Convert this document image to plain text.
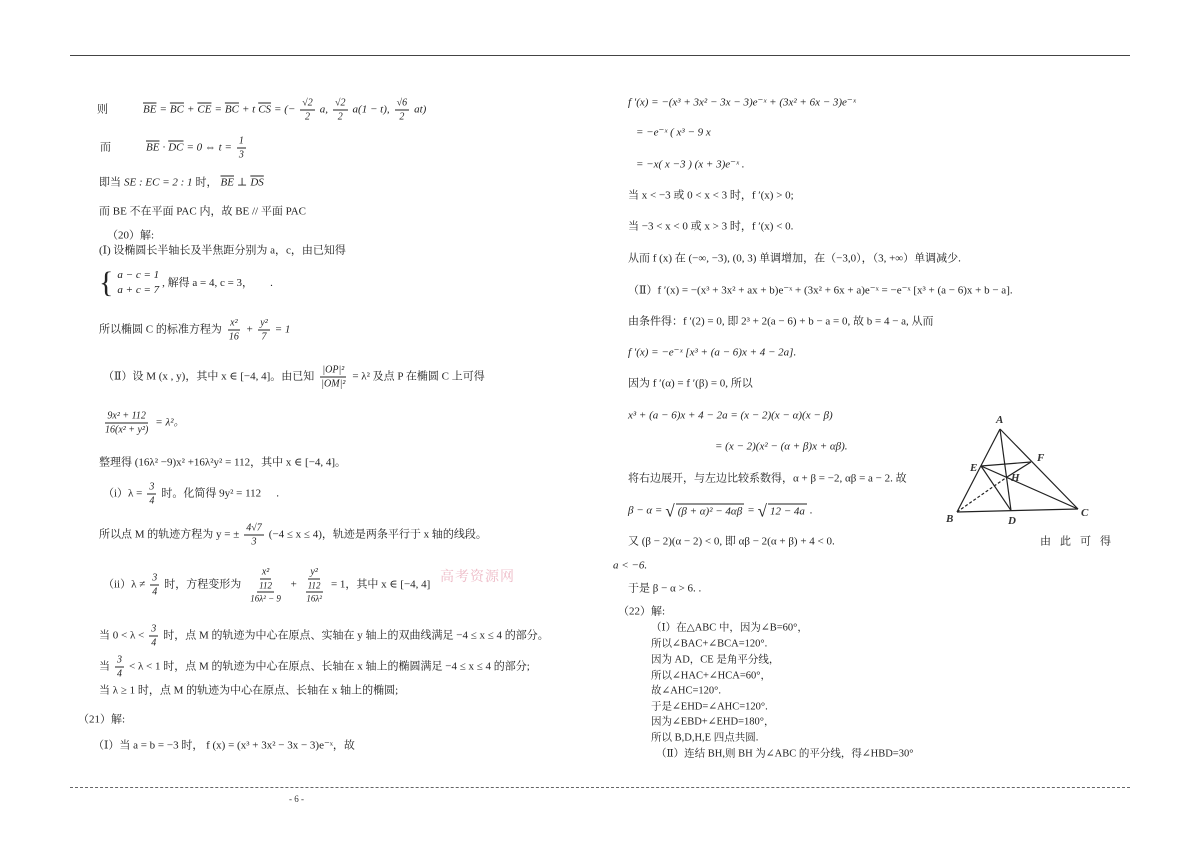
- 6 -
则	$\overline{BE} = \overline{BC} + \overline{CE} = \overline{BC} + t$ $\overline{CS}$ = (− $\frac{√2}{2} a$, $\frac{√2}{2} a(1 - t)$, $\frac{√6}{2} at$)
而	$\overline{BE} \cdot \overline{DC} = 0$ ⇔ $t = \frac{1}{3}$
即当 SE : EC = 2 : 1 时， $\overline{BE}$ ⊥ $\overline{DS}$
而 BE 不在平面 PAC 内，故 BE // 平面 PAC
（20）解:
(Ⅰ) 设椭圆长半轴长及半焦距分别为 a，c，由已知得
{ a − c = 1
a + c = 7
, 解得 a = 4, c = 3， .
所以椭圆 C 的标准方程为 $\frac{\text{x²}}{16} + \frac{\text{y²}}{7} = 1$
（Ⅱ）设 M (x , y)，其中 x ∈ [−4, 4]。由已知 $\frac{\text{|OP|²}}{\text{|OM|²}} = \lambda^2$ 及点 P 在椭圆 C 上可得
$\frac{\text{9x² + 112}}{\text{16(x² + y²)}} = \lambda^2$。
整理得 (16λ² −9)x² +16λ²y² = 112，其中 x ∈ [−4, 4]。
$(i)\lambda = \frac{3}{4}$ 时。化简得 9y² = 112 .
所以点 M 的轨迹方程为 y = ± $\frac{4√7}{3} (-4 \le x \le 4)$，轨迹是两条平行于 x 轴的线段。
$(ii)\lambda \ne \frac{3}{4}$ 时，方程变形为 $\frac{\text{x²}}{\frac{112}{\text{16λ² − 9}}} + \frac{\text{y²}}{\frac{112}{\text{16λ²}}} = 1$，其中 x ∈ [−4, 4] 高考资源网
当 $0 < \lambda < \frac{3}{4}$ 时，点 M 的轨迹为中心在原点、实轴在 y 轴上的双曲线满足 −4 ≤ x ≤ 4 的部分。
当 $\frac{3}{4} < \lambda < 1$ 时，点 M 的轨迹为中心在原点、长轴在 x 轴上的椭圆满足 −4 ≤ x ≤ 4 的部分;
当 λ ≥ 1 时，点 M 的轨迹为中心在原点、长轴在 x 轴上的椭圆;
（21）解:
（Ⅰ）当 a = b = −3 时， f (x) = (x³ + 3x² − 3x − 3)e⁻ˣ，故
f ′(x) = −(x³ + 3x² − 3x − 3)e⁻ˣ + (3x² + 6x − 3)e⁻ˣ
= −e⁻ˣ ( x³ − 9 x
= −x( x −3 ) (x + 3)e⁻ˣ .
当 x < −3 或 0 < x < 3 时，f ′(x) > 0;
当 −3 < x < 0 或 x > 3 时，f ′(x) < 0.
从而 f (x) 在 (−∞, −3), (0, 3) 单调增加，在（−3,0），（3, +∞）单调减少.
（Ⅱ）f ′(x) = −(x³ + 3x² + ax + b)e⁻ˣ + (3x² + 6x + a)e⁻ˣ = −e⁻ˣ [x³ + (a − 6)x + b − a].
由条件得：f ′(2) = 0, 即 2³ + 2(a − 6) + b − a = 0, 故 b = 4 − a, 从而
f ′(x) = −e⁻ˣ [x³ + (a − 6)x + 4 − 2a].
因为 f ′(α) = f ′(β) = 0, 所以
x³ + (a − 6)x + 4 − 2a = (x − 2)(x − α)(x − β)
= (x − 2)(x² − (α + β)x + αβ).
将右边展开，与左边比较系数得，α + β = −2, αβ = a − 2. 故
β − α = √ (β + α)² − 4αβ = √ 12 − 4a .
又 (β − 2)(α − 2) < 0, 即 αβ − 2(α + β) + 4 < 0.	由此可得
a < −6.
于是 β − α > 6. .
（22）解:
（Ⅰ）在△ABC 中，因为∠B=60°，
所以∠BAC+∠BCA=120°.
因为 AD，CE 是角平分线，
所以∠HAC+∠HCA=60°，
故∠AHC=120°.
于是∠EHD=∠AHC=120°.
因为∠EBD+∠EHD=180°，
所以 B,D,H,E 四点共圆.
（Ⅱ）连结 BH,则 BH 为∠ABC 的平分线，得∠HBD=30°
A
E
F
H
B	D
C
